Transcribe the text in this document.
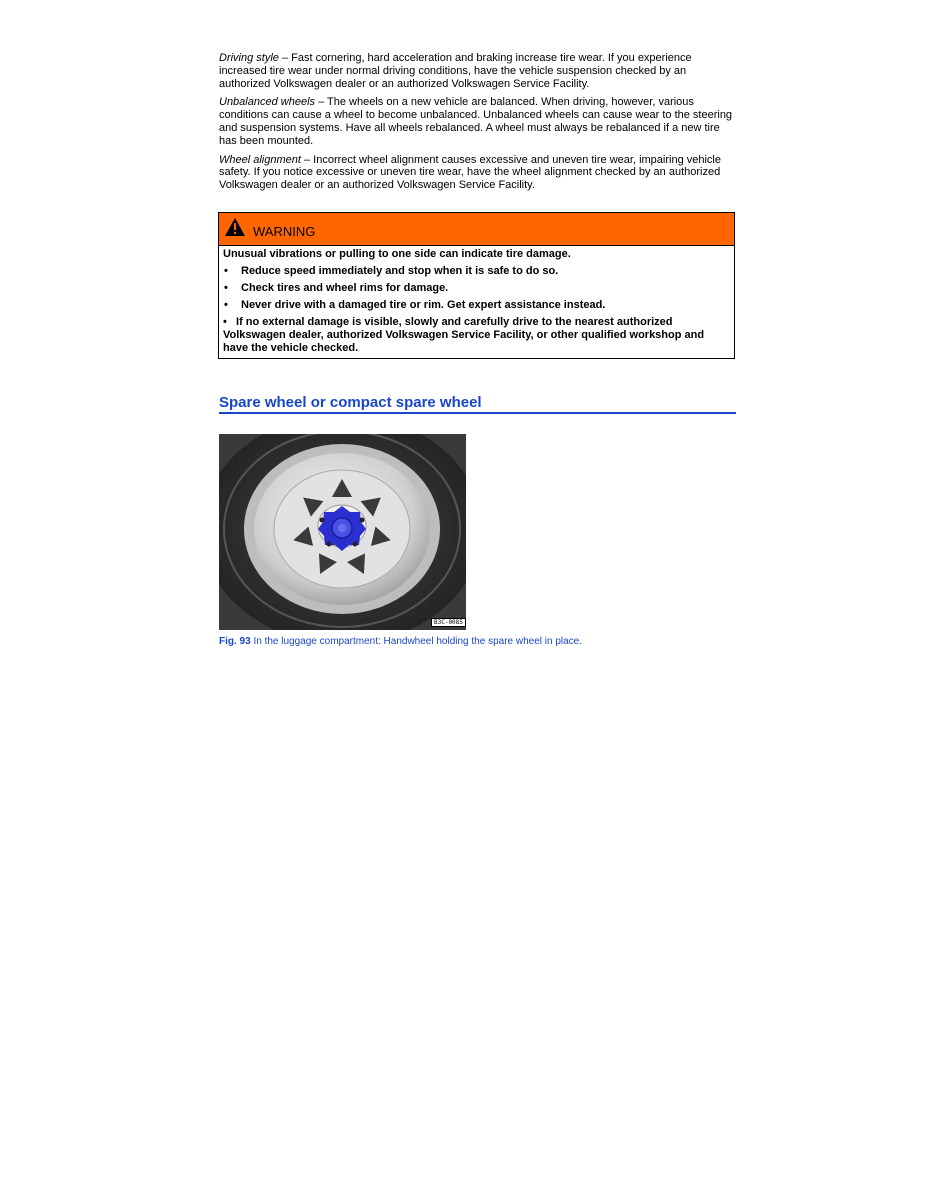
Driving style – Fast cornering, hard acceleration and braking increase tire wear. If you experience increased tire wear under normal driving conditions, have the vehicle suspension checked by an authorized Volkswagen dealer or an authorized Volkswagen Service Facility.

Unbalanced wheels – The wheels on a new vehicle are balanced. When driving, however, various conditions can cause a wheel to become unbalanced. Unbalanced wheels can cause wear to the steering and suspension systems. Have all wheels rebalanced. A wheel must always be rebalanced if a new tire has been mounted.

Wheel alignment – Incorrect wheel alignment causes excessive and uneven tire wear, impairing vehicle safety. If you notice excessive or uneven tire wear, have the wheel alignment checked by an authorized Volkswagen dealer or an authorized Volkswagen Service Facility.

WARNING
Unusual vibrations or pulling to one side can indicate tire damage.
•	Reduce speed immediately and stop when it is safe to do so.
•	Check tires and wheel rims for damage.
•	Never drive with a damaged tire or rim. Get expert assistance instead.
• If no external damage is visible, slowly and carefully drive to the nearest authorized Volkswagen dealer, authorized Volkswagen Service Facility, or other qualified workshop and have the vehicle checked.
Spare wheel or compact spare wheel
B3C-0085
Fig. 93 In the luggage compartment: Handwheel holding the spare wheel in place.
